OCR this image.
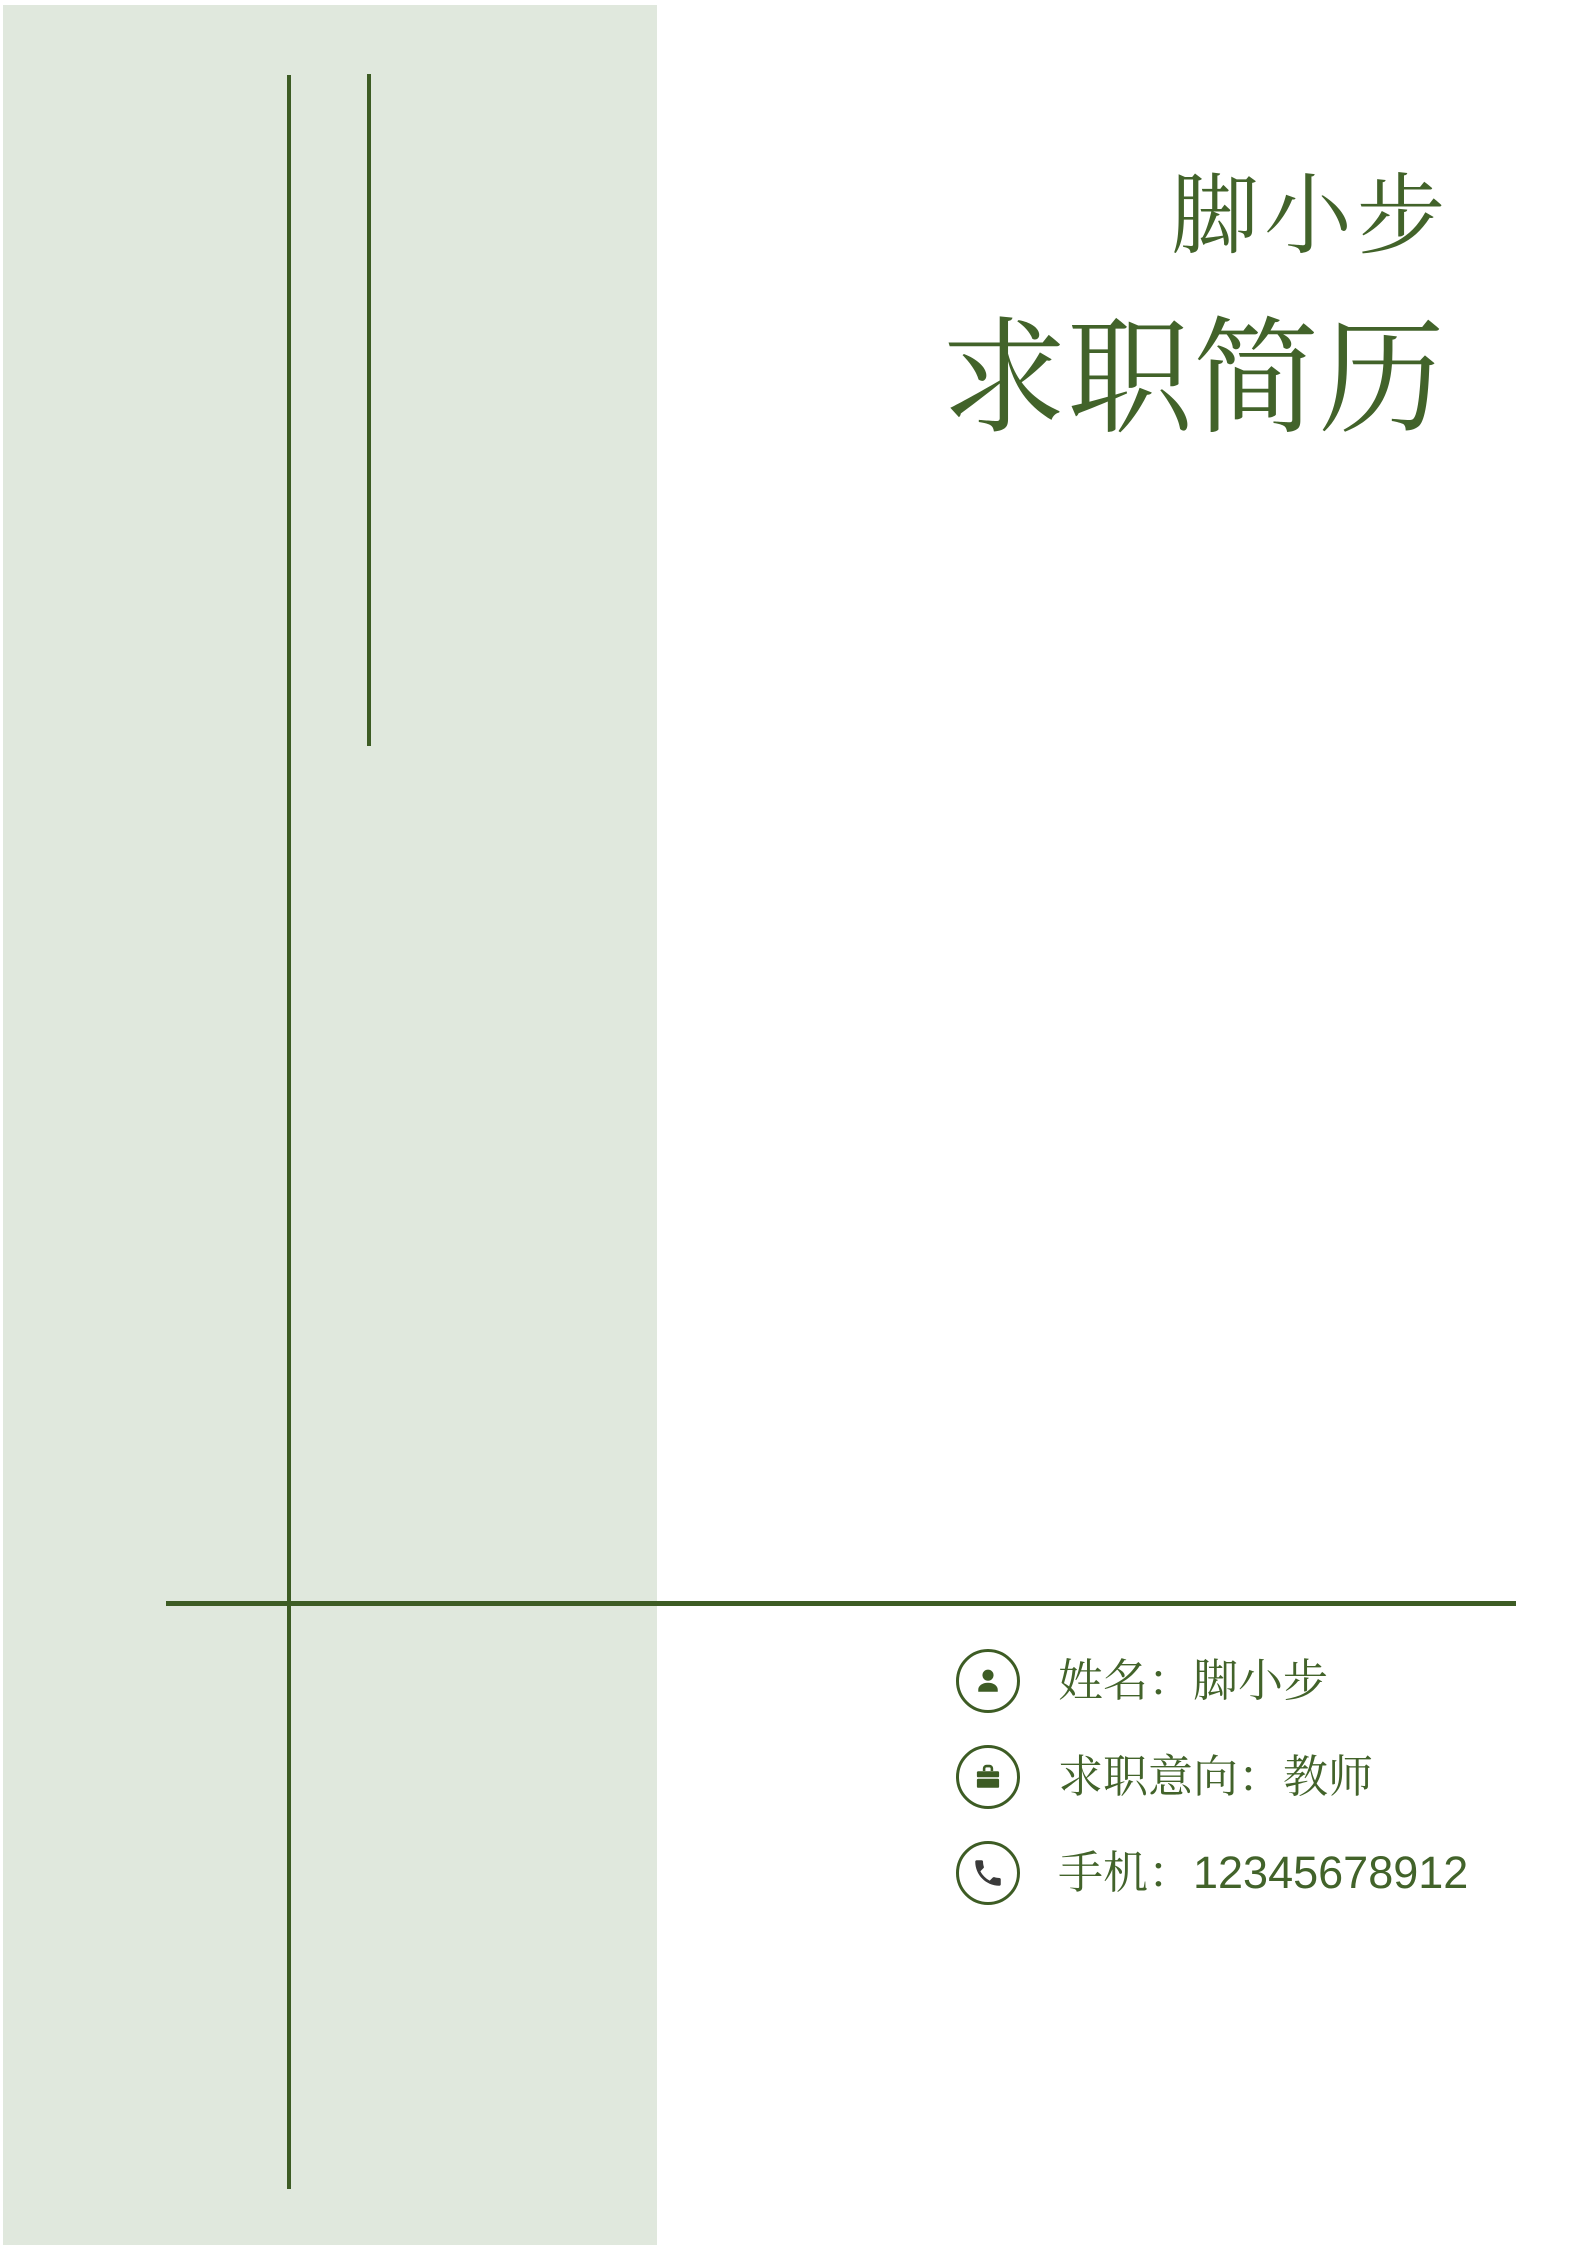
脚小步
求职简历
姓名：脚小步
求职意向：教师
手机：12345678912
